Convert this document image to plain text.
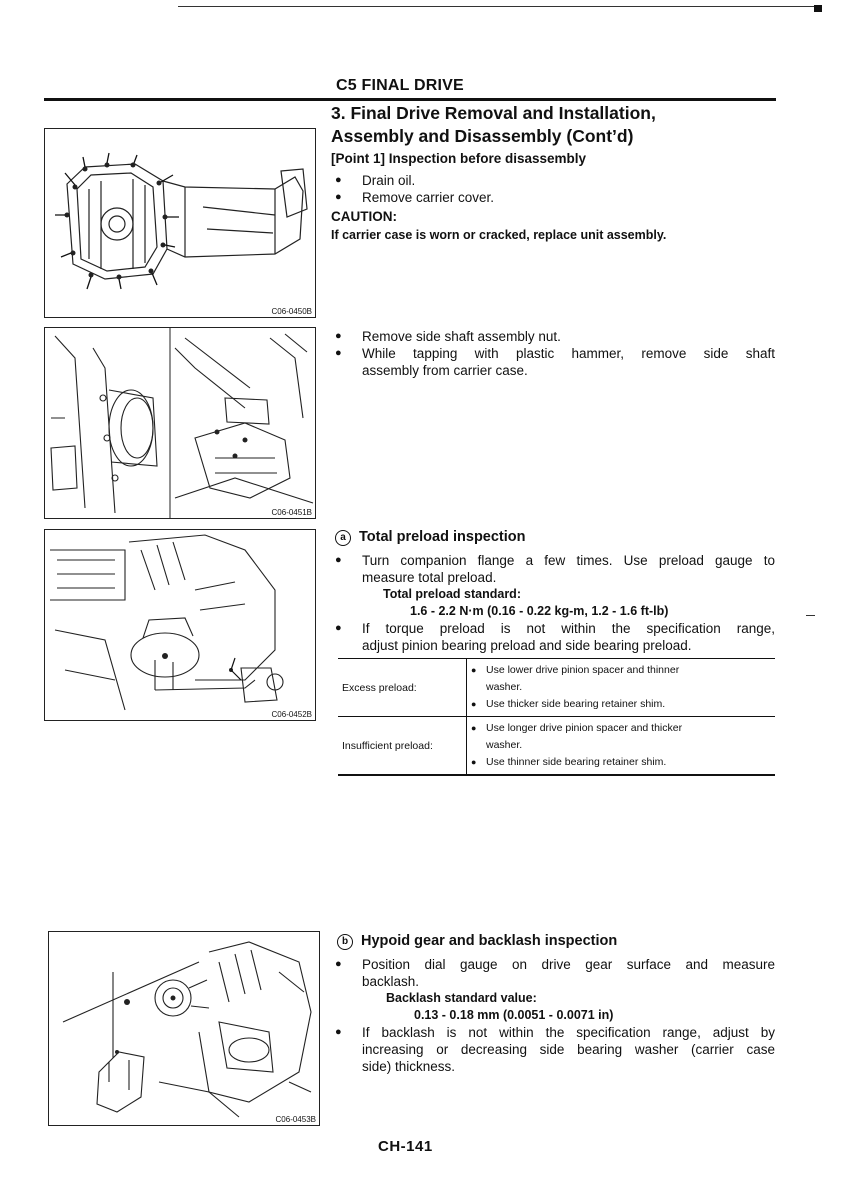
C5 FINAL DRIVE
3. Final Drive Removal and Installation,
Assembly and Disassembly (Cont’d)
C06-0450B
C06-0451B
C06-0452B
C06-0453B
[Point 1] Inspection before disassembly
● Drain oil.
● Remove carrier cover.
CAUTION:
If carrier case is worn or cracked, replace unit assembly.
● Remove side shaft assembly nut.
● While tapping with plastic hammer, remove side shaft
assembly from carrier case.
a Total preload inspection
● Turn companion flange a few times. Use preload gauge to
measure total preload.
Total preload standard:
1.6 - 2.2 N·m (0.16 - 0.22 kg-m, 1.2 - 1.6 ft-lb)
● If torque preload is not within the specification range,
adjust pinion bearing preload and side bearing preload.
Excess preload:	● Use lower drive pinion spacer and thinner
washer.
● Use thicker side bearing retainer shim.

Insufficient preload:	● Use longer drive pinion spacer and thicker
washer.
● Use thinner side bearing retainer shim.
b Hypoid gear and backlash inspection
● Position dial gauge on drive gear surface and measure
backlash.
Backlash standard value:
0.13 - 0.18 mm (0.0051 - 0.0071 in)
● If backlash is not within the specification range, adjust by
increasing or decreasing side bearing washer (carrier case
side) thickness.
CH-141
